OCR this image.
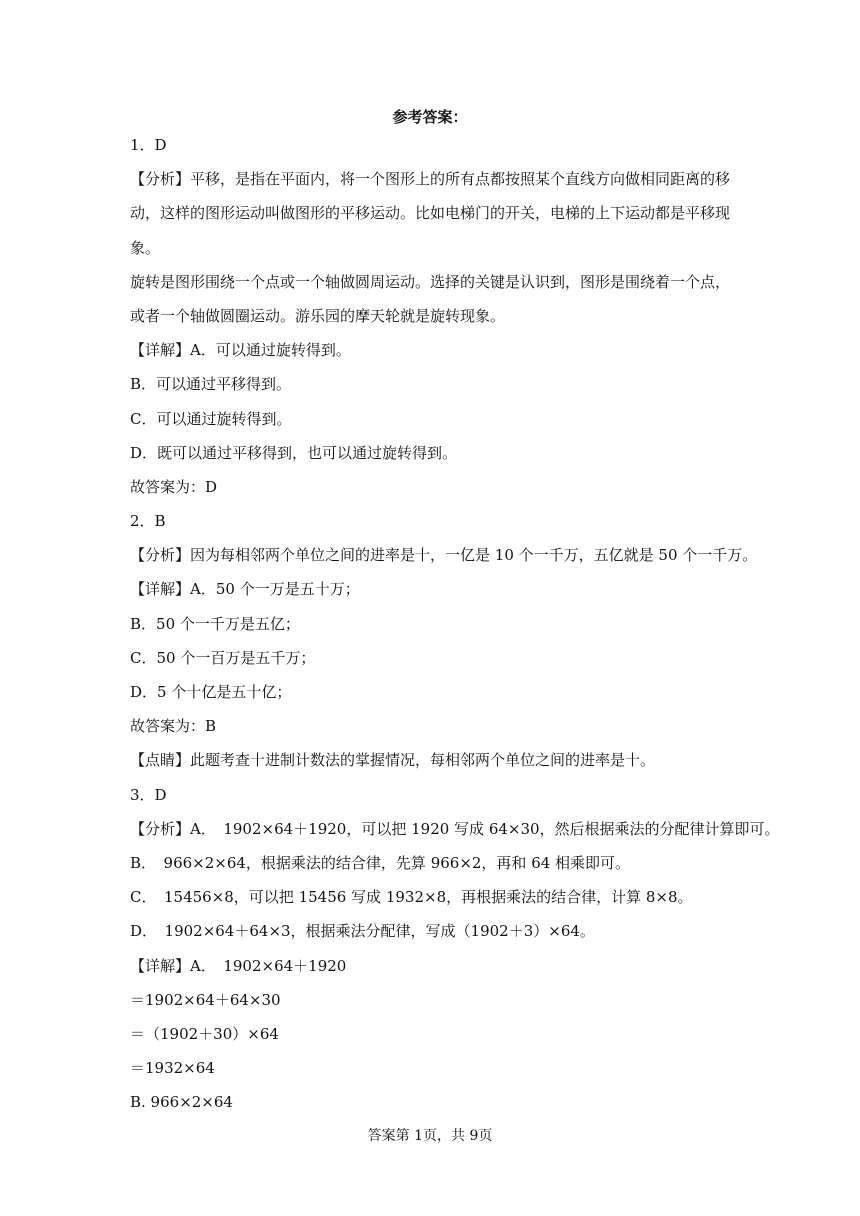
参考答案：
1．D
【分析】平移，是指在平面内，将一个图形上的所有点都按照某个直线方向做相同距离的移
动，这样的图形运动叫做图形的平移运动。比如电梯门的开关，电梯的上下运动都是平移现
象。
旋转是图形围绕一个点或一个轴做圆周运动。选择的关键是认识到，图形是围绕着一个点，
或者一个轴做圆圈运动。游乐园的摩天轮就是旋转现象。
【详解】A．可以通过旋转得到。
B．可以通过平移得到。
C．可以通过旋转得到。
D．既可以通过平移得到，也可以通过旋转得到。
故答案为：D
2．B
【分析】因为每相邻两个单位之间的进率是十，一亿是 10 个一千万，五亿就是 50 个一千万。
【详解】A．50 个一万是五十万；
B．50 个一千万是五亿；
C．50 个一百万是五千万；
D．5 个十亿是五十亿；
故答案为：B
【点睛】此题考查十进制计数法的掌握情况，每相邻两个单位之间的进率是十。
3．D
【分析】A．　1902×64＋1920，可以把 1920 写成 64×30，然后根据乘法的分配律计算即可。
B．　966×2×64，根据乘法的结合律，先算 966×2，再和 64 相乘即可。
C．　15456×8，可以把 15456 写成 1932×8，再根据乘法的结合律，计算 8×8。
D．　1902×64＋64×3，根据乘法分配律，写成（1902＋3）×64。
【详解】A．　1902×64＋1920
＝1902×64＋64×30
＝（1902＋30）×64
＝1932×64
B. 966×2×64
答案第 1页，共 9页
